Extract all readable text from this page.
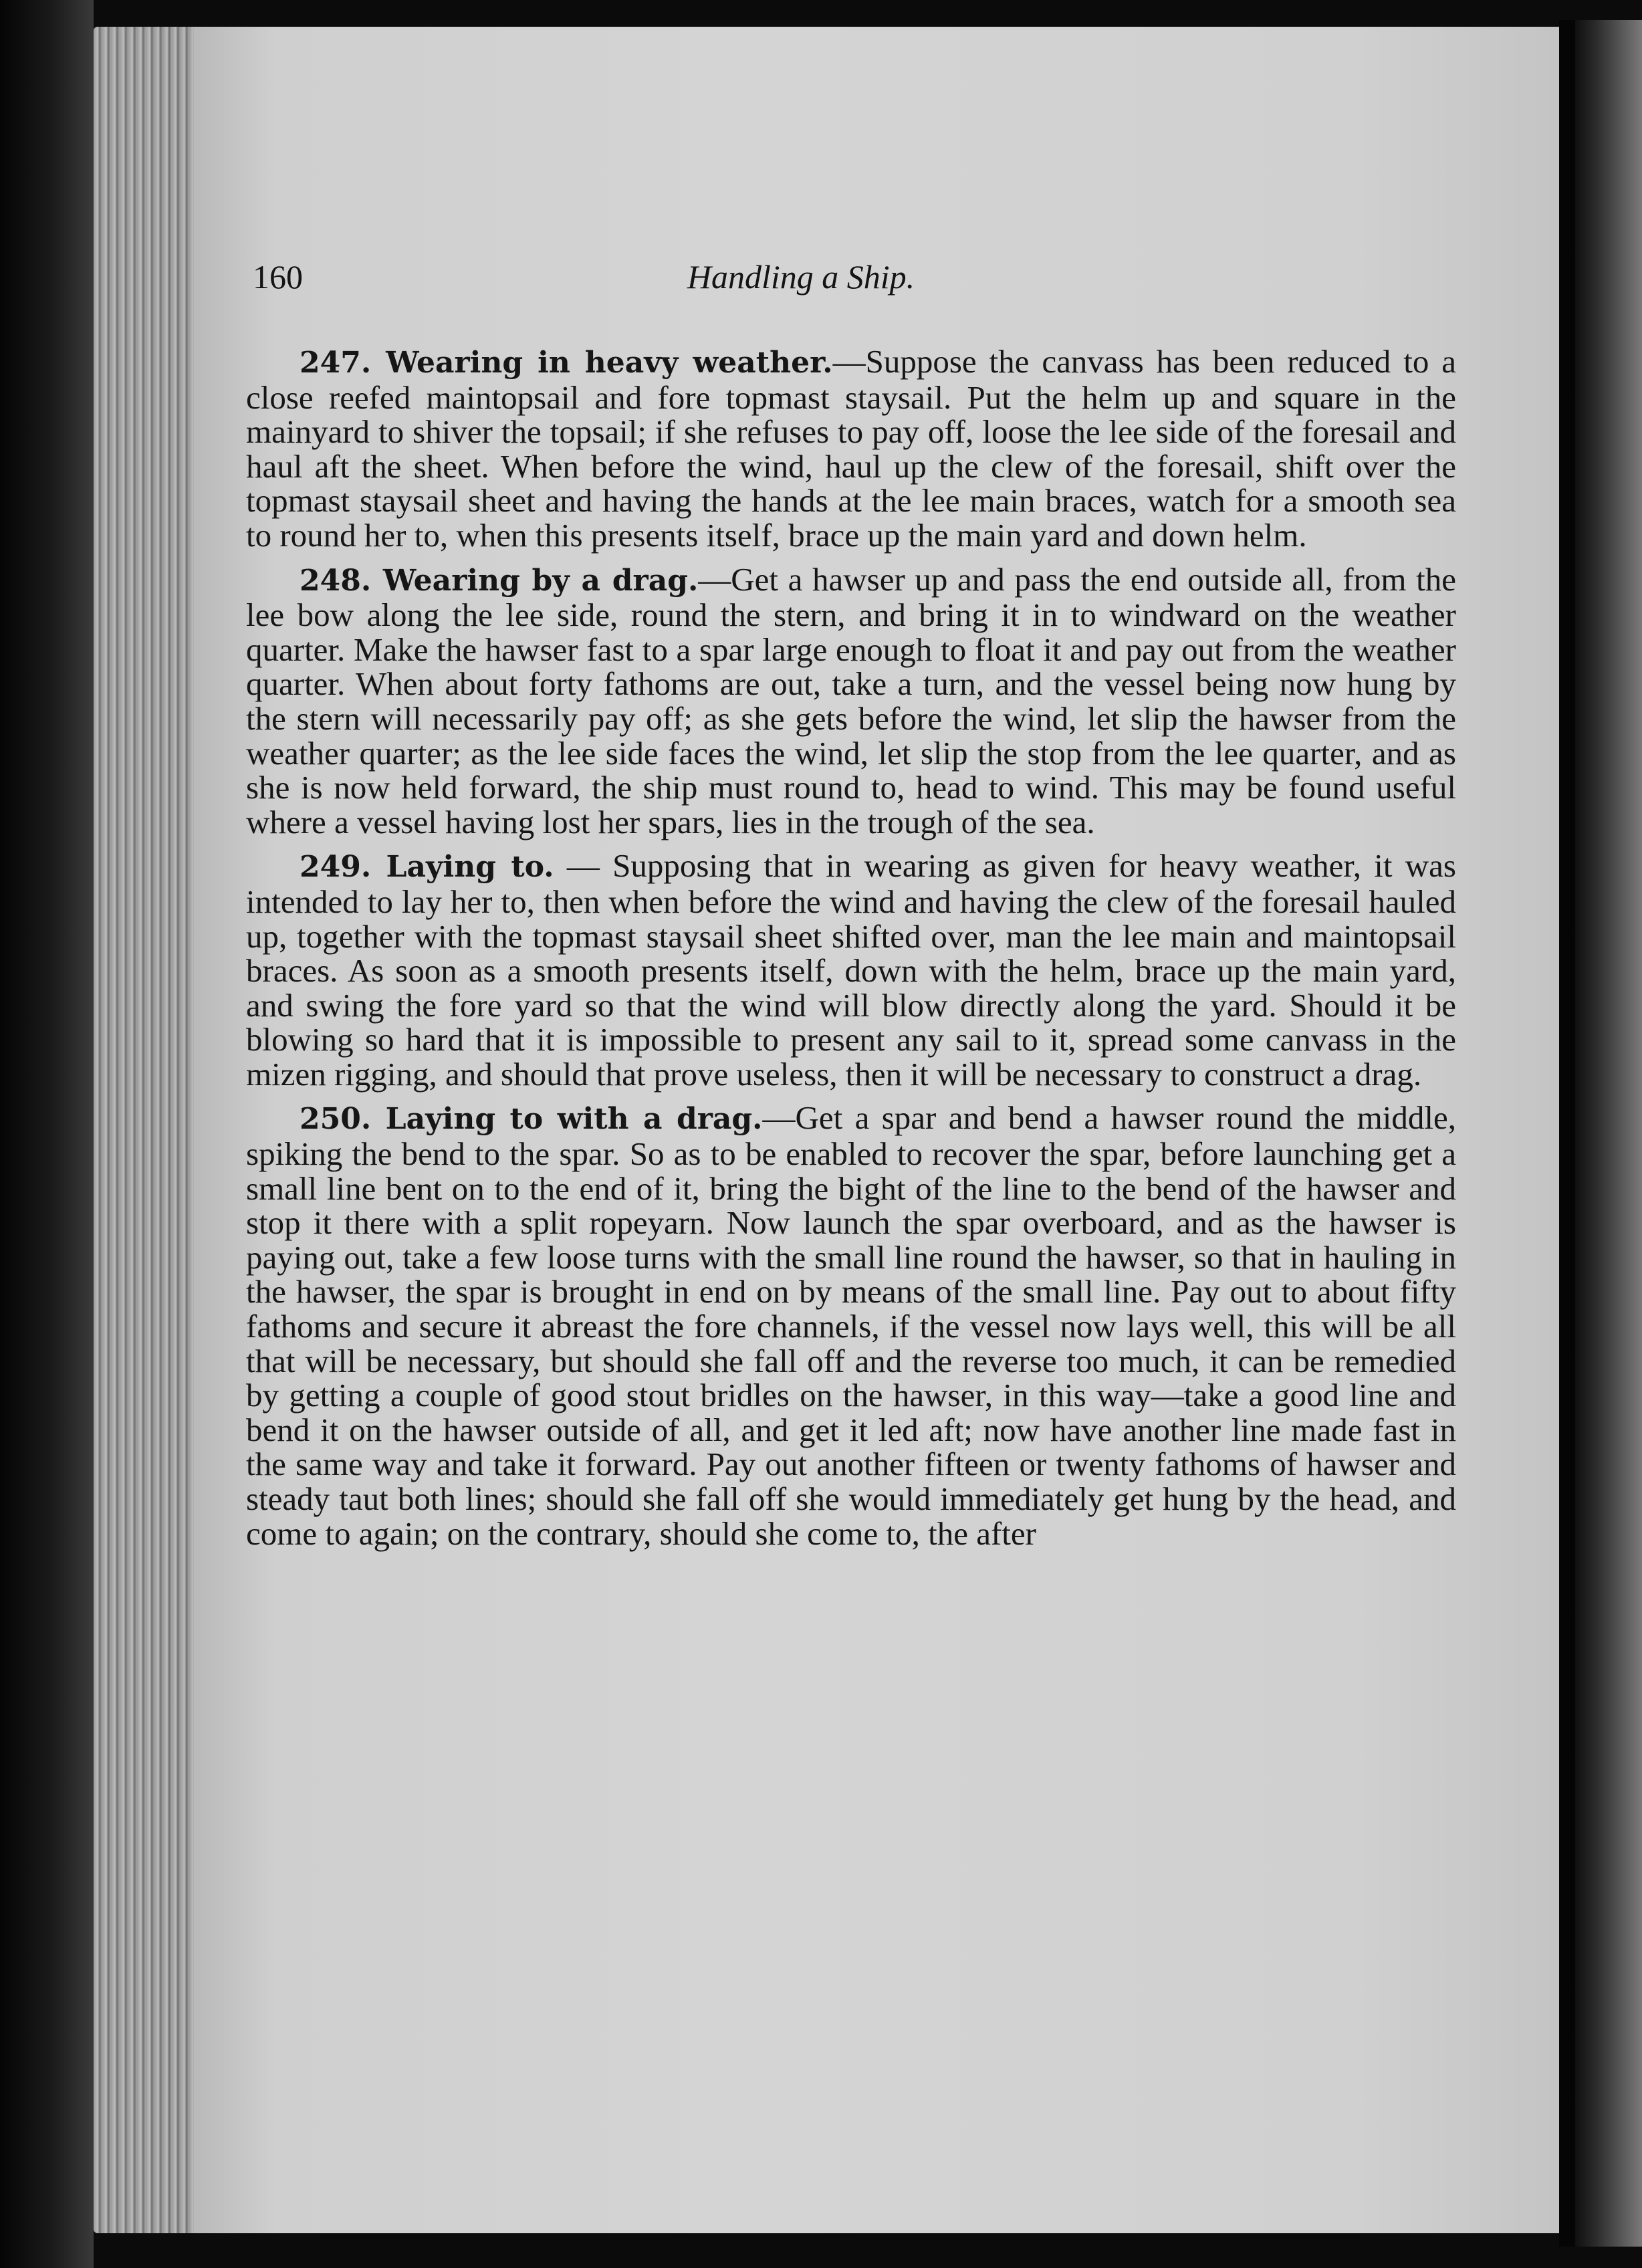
160	Handling a Ship.

247. Wearing in heavy weather.—Suppose the canvass has been reduced to a close reefed maintopsail and fore topmast staysail. Put the helm up and square in the mainyard to shiver the topsail; if she refuses to pay off, loose the lee side of the foresail and haul aft the sheet. When before the wind, haul up the clew of the foresail, shift over the topmast staysail sheet and having the hands at the lee main braces, watch for a smooth sea to round her to, when this presents itself, brace up the main yard and down helm.

248. Wearing by a drag.—Get a hawser up and pass the end outside all, from the lee bow along the lee side, round the stern, and bring it in to windward on the weather quarter. Make the hawser fast to a spar large enough to float it and pay out from the weather quarter. When about forty fathoms are out, take a turn, and the vessel being now hung by the stern will necessarily pay off; as she gets before the wind, let slip the hawser from the weather quarter; as the lee side faces the wind, let slip the stop from the lee quarter, and as she is now held forward, the ship must round to, head to wind. This may be found useful where a vessel having lost her spars, lies in the trough of the sea.

249. Laying to. — Supposing that in wearing as given for heavy weather, it was intended to lay her to, then when before the wind and having the clew of the foresail hauled up, together with the topmast staysail sheet shifted over, man the lee main and maintopsail braces. As soon as a smooth presents itself, down with the helm, brace up the main yard, and swing the fore yard so that the wind will blow directly along the yard. Should it be blowing so hard that it is impossible to present any sail to it, spread some canvass in the mizen rigging, and should that prove useless, then it will be necessary to construct a drag.

250. Laying to with a drag.—Get a spar and bend a hawser round the middle, spiking the bend to the spar. So as to be enabled to recover the spar, before launching get a small line bent on to the end of it, bring the bight of the line to the bend of the hawser and stop it there with a split ropeyarn. Now launch the spar overboard, and as the hawser is paying out, take a few loose turns with the small line round the hawser, so that in hauling in the hawser, the spar is brought in end on by means of the small line. Pay out to about fifty fathoms and secure it abreast the fore channels, if the vessel now lays well, this will be all that will be necessary, but should she fall off and the reverse too much, it can be remedied by getting a couple of good stout bridles on the hawser, in this way—take a good line and bend it on the hawser outside of all, and get it led aft; now have another line made fast in the same way and take it forward. Pay out another fifteen or twenty fathoms of hawser and steady taut both lines; should she fall off she would immediately get hung by the head, and come to again; on the contrary, should she come to, the after
